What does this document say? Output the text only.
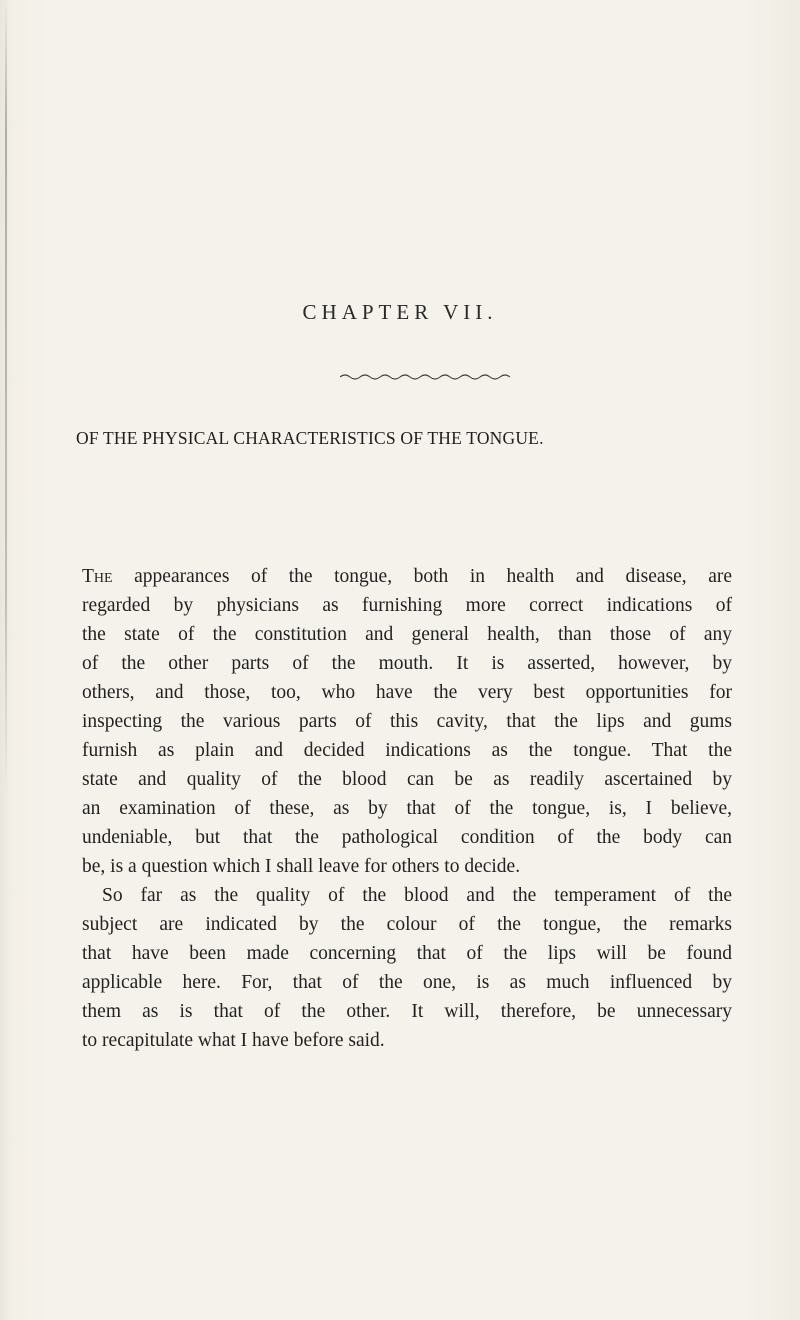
CHAPTER VII.
OF THE PHYSICAL CHARACTERISTICS OF THE TONGUE.
The appearances of the tongue, both in health and disease, are
regarded by physicians as furnishing more correct indications of
the state of the constitution and general health, than those of any
of the other parts of the mouth. It is asserted, however, by
others, and those, too, who have the very best opportunities for
inspecting the various parts of this cavity, that the lips and gums
furnish as plain and decided indications as the tongue. That the
state and quality of the blood can be as readily ascertained by
an examination of these, as by that of the tongue, is, I believe,
undeniable, but that the pathological condition of the body can
be, is a question which I shall leave for others to decide.
So far as the quality of the blood and the temperament of the
subject are indicated by the colour of the tongue, the remarks
that have been made concerning that of the lips will be found
applicable here. For, that of the one, is as much influenced by
them as is that of the other. It will, therefore, be unnecessary
to recapitulate what I have before said.
